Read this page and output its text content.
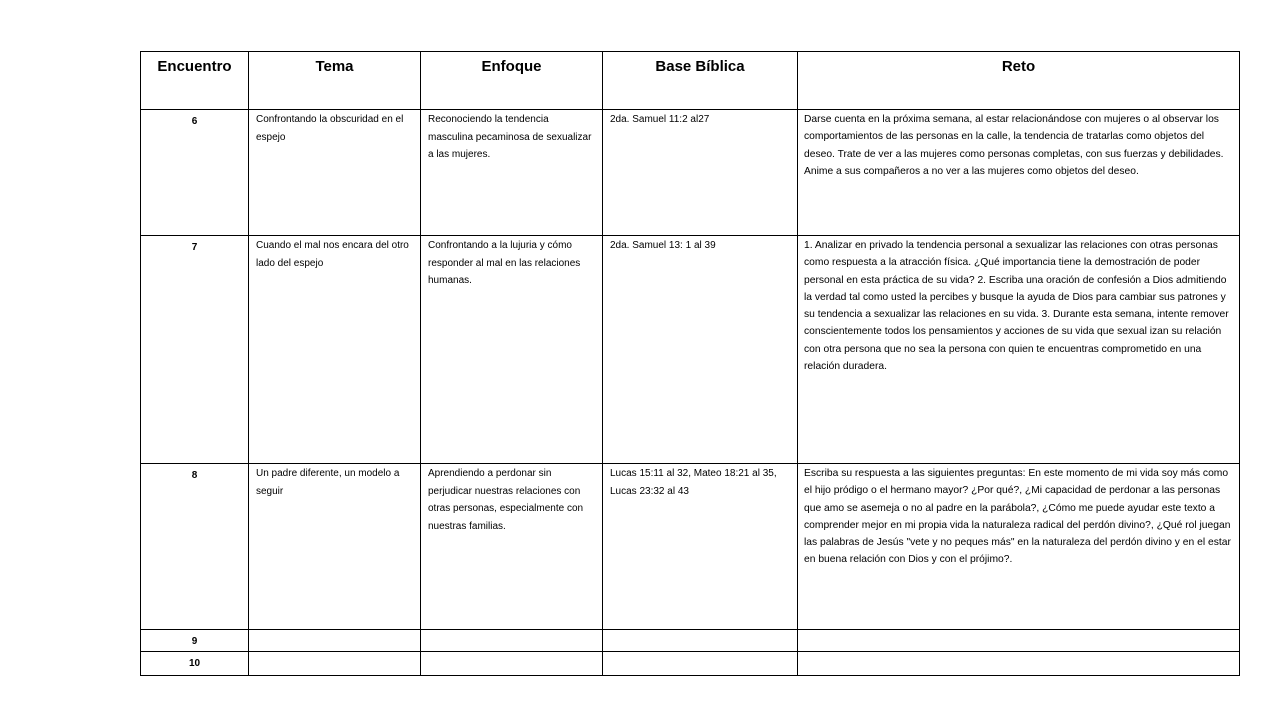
Encuentro	Tema	Enfoque	Base Bíblica	Reto

6	Confrontando la obscuridad en el espejo	Reconociendo la tendencia masculina pecaminosa de sexualizar a las mujeres.	2da. Samuel 11:2 al27	Darse cuenta en la próxima semana, al estar relacionándose con mujeres o al observar los comportamientos de las personas en la calle, la tendencia de tratarlas como objetos del deseo. Trate de ver a las mujeres como personas completas, con sus fuerzas y debilidades. Anime a sus compañeros a no ver a las mujeres como objetos del deseo.

7	Cuando el mal nos encara del otro lado del espejo	Confrontando a la lujuria y cómo responder al mal en las relaciones humanas.	2da. Samuel 13: 1 al 39	1. Analizar en privado la tendencia personal a sexualizar las relaciones con otras personas como respuesta a la atracción física. ¿Qué importancia tiene la demostración de poder personal en esta práctica de su vida? 2. Escriba una oración de confesión a Dios admitiendo la verdad tal como usted la percibes y busque la ayuda de Dios para cambiar sus patrones y su tendencia a sexualizar las relaciones en su vida. 3. Durante esta semana, intente remover conscientemente todos los pensamientos y acciones de su vida que sexual izan su relación con otra persona que no sea la persona con quien te encuentras comprometido en una relación duradera.

8	Un padre diferente, un modelo a seguir	Aprendiendo a perdonar sin perjudicar nuestras relaciones con otras personas, especialmente con nuestras familias.	Lucas 15:11 al 32, Mateo 18:21 al 35, Lucas 23:32 al 43	Escriba su respuesta a las siguientes preguntas: En este momento de mi vida soy más como el hijo pródigo o el hermano mayor? ¿Por qué?, ¿Mi capacidad de perdonar a las personas que amo se asemeja o no al padre en la parábola?, ¿Cómo me puede ayudar este texto a comprender mejor en mi propia vida la naturaleza radical del perdón divino?, ¿Qué rol juegan las palabras de Jesús "vete y no peques más" en la naturaleza del perdón divino y en el estar en buena relación con Dios y con el prójimo?.

9				

10				
